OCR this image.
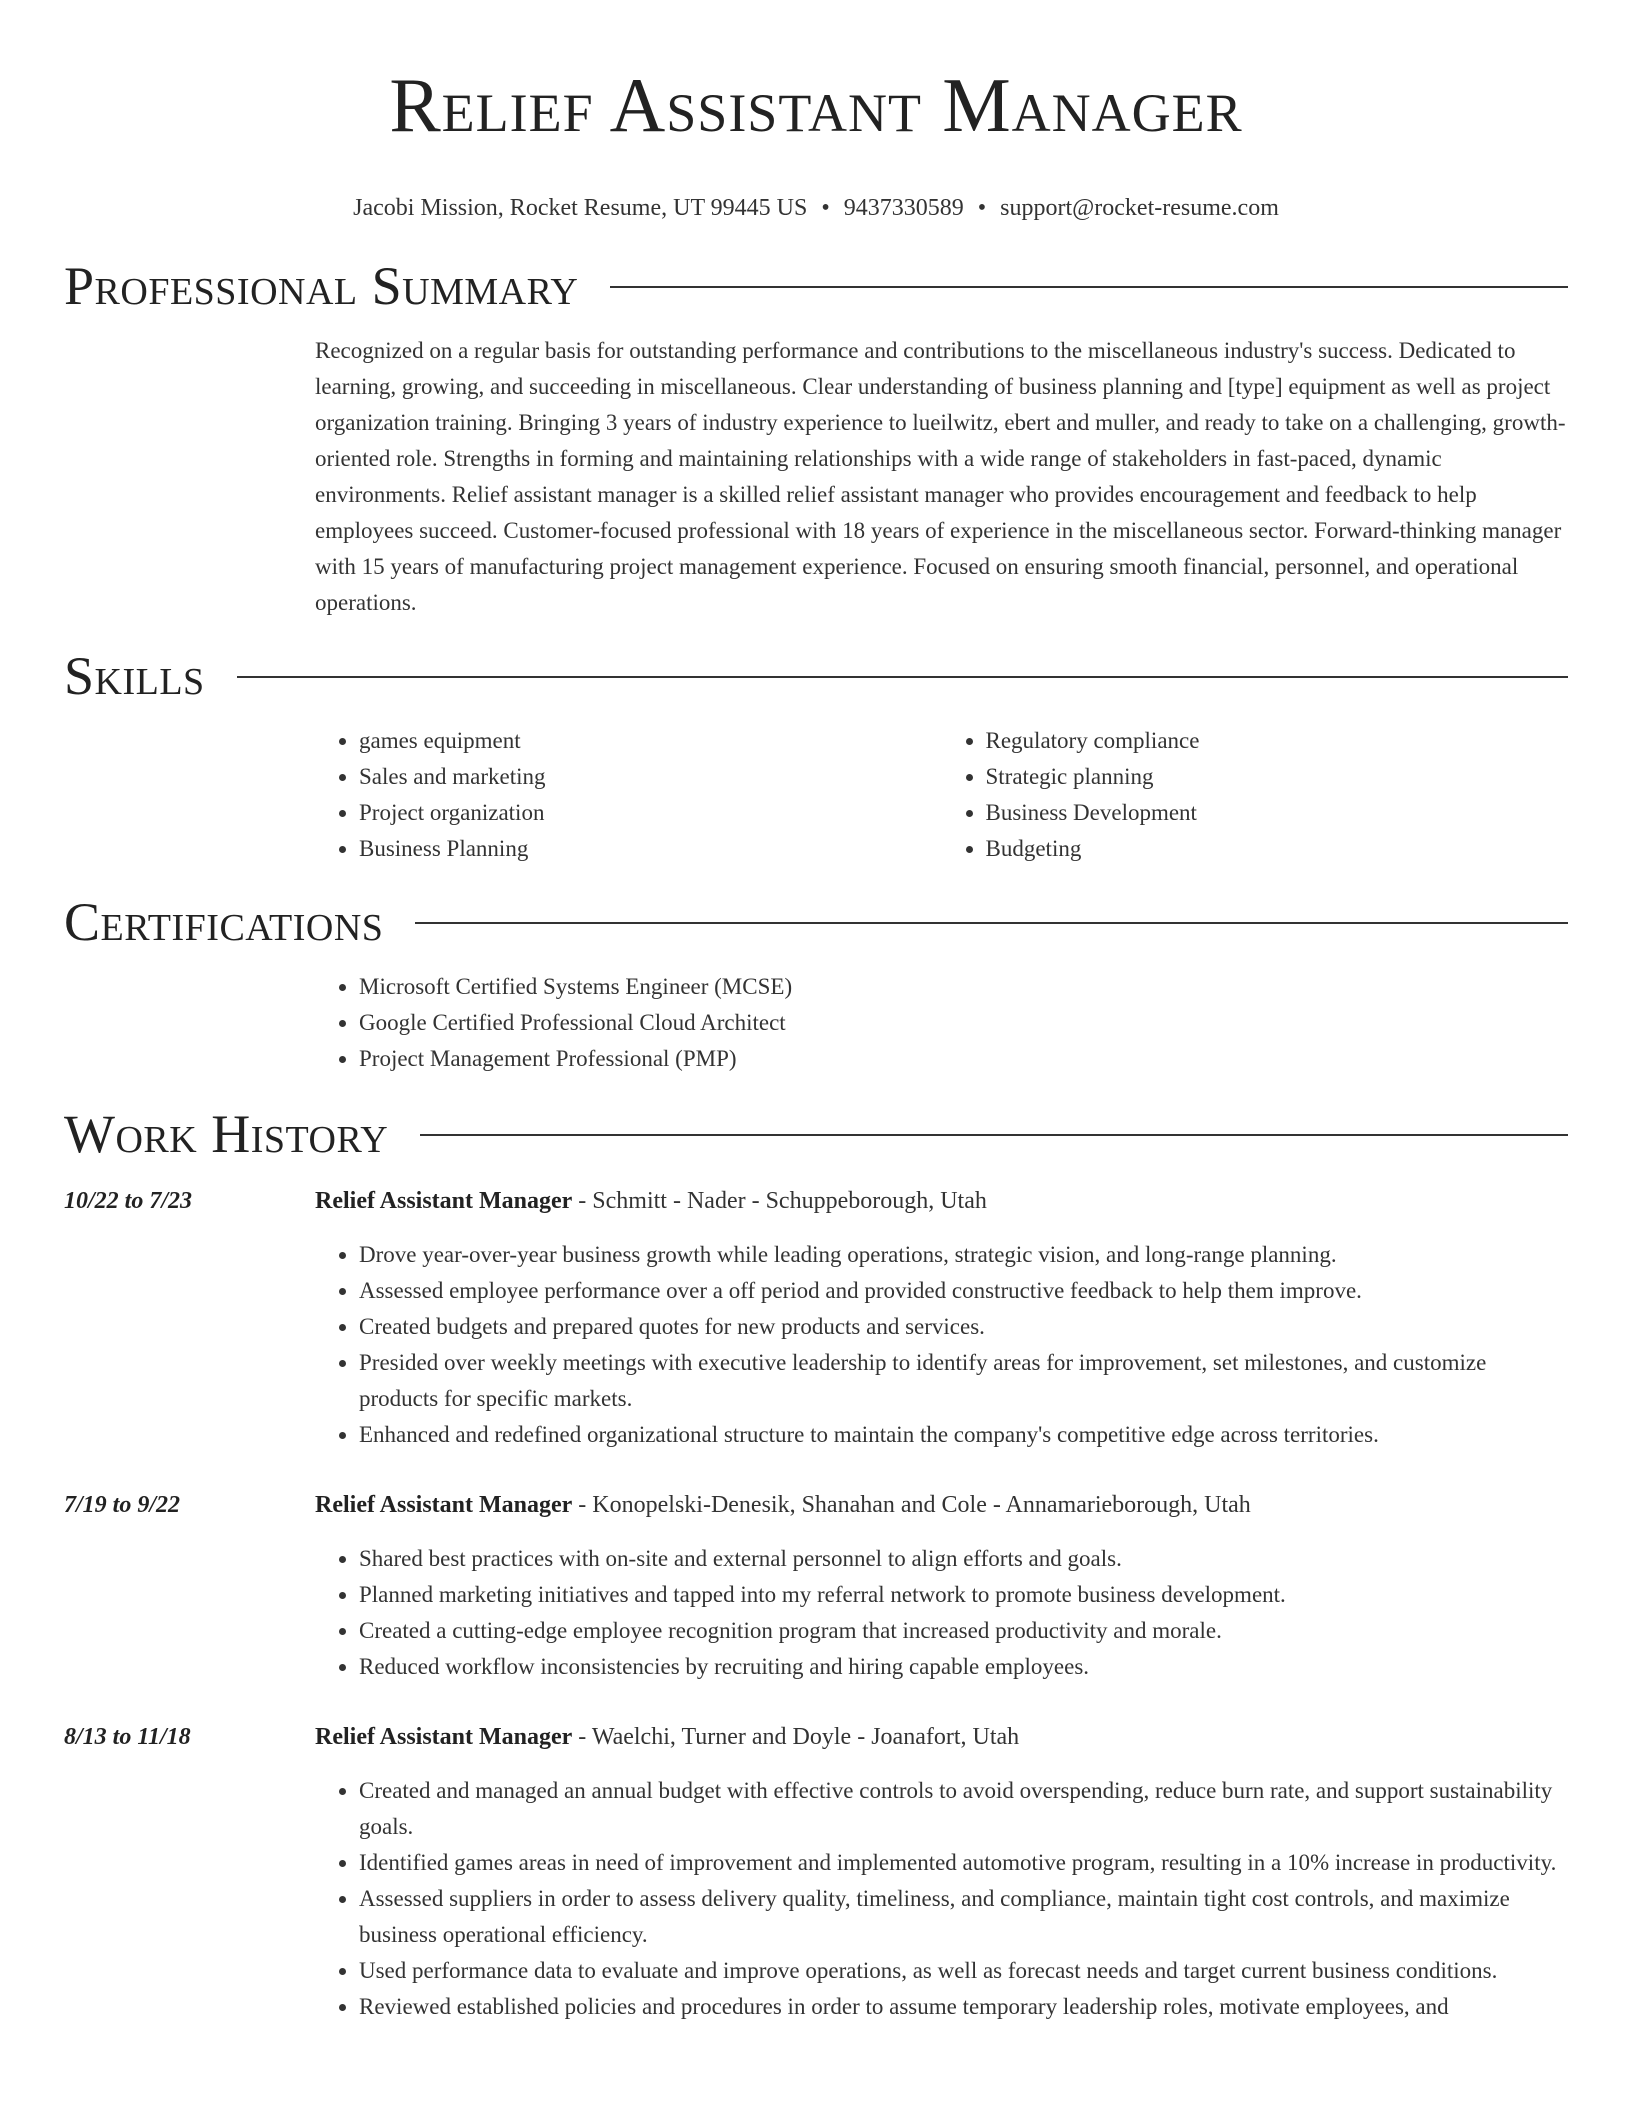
Relief Assistant Manager
Jacobi Mission, Rocket Resume, UT 99445 US • 9437330589 • support@rocket-resume.com
Professional Summary
Recognized on a regular basis for outstanding performance and contributions to the miscellaneous industry's success. Dedicated to learning, growing, and succeeding in miscellaneous. Clear understanding of business planning and [type] equipment as well as project organization training. Bringing 3 years of industry experience to lueilwitz, ebert and muller, and ready to take on a challenging, growth-oriented role. Strengths in forming and maintaining relationships with a wide range of stakeholders in fast-paced, dynamic environments. Relief assistant manager is a skilled relief assistant manager who provides encouragement and feedback to help employees succeed. Customer-focused professional with 18 years of experience in the miscellaneous sector. Forward-thinking manager with 15 years of manufacturing project management experience. Focused on ensuring smooth financial, personnel, and operational operations.
Skills
• games equipment
• Sales and marketing
• Project organization
• Business Planning
• Regulatory compliance
• Strategic planning
• Business Development
• Budgeting
Certifications
• Microsoft Certified Systems Engineer (MCSE)
• Google Certified Professional Cloud Architect
• Project Management Professional (PMP)
Work History
10/22 to 7/23	Relief Assistant Manager - Schmitt - Nader - Schuppeborough, Utah
• Drove year-over-year business growth while leading operations, strategic vision, and long-range planning.
• Assessed employee performance over a off period and provided constructive feedback to help them improve.
• Created budgets and prepared quotes for new products and services.
• Presided over weekly meetings with executive leadership to identify areas for improvement, set milestones, and customize products for specific markets.
• Enhanced and redefined organizational structure to maintain the company's competitive edge across territories.
7/19 to 9/22	Relief Assistant Manager - Konopelski-Denesik, Shanahan and Cole - Annamarieborough, Utah
• Shared best practices with on-site and external personnel to align efforts and goals.
• Planned marketing initiatives and tapped into my referral network to promote business development.
• Created a cutting-edge employee recognition program that increased productivity and morale.
• Reduced workflow inconsistencies by recruiting and hiring capable employees.
8/13 to 11/18	Relief Assistant Manager - Waelchi, Turner and Doyle - Joanafort, Utah
• Created and managed an annual budget with effective controls to avoid overspending, reduce burn rate, and support sustainability goals.
• Identified games areas in need of improvement and implemented automotive program, resulting in a 10% increase in productivity.
• Assessed suppliers in order to assess delivery quality, timeliness, and compliance, maintain tight cost controls, and maximize business operational efficiency.
• Used performance data to evaluate and improve operations, as well as forecast needs and target current business conditions.
• Reviewed established policies and procedures in order to assume temporary leadership roles, motivate employees, and
